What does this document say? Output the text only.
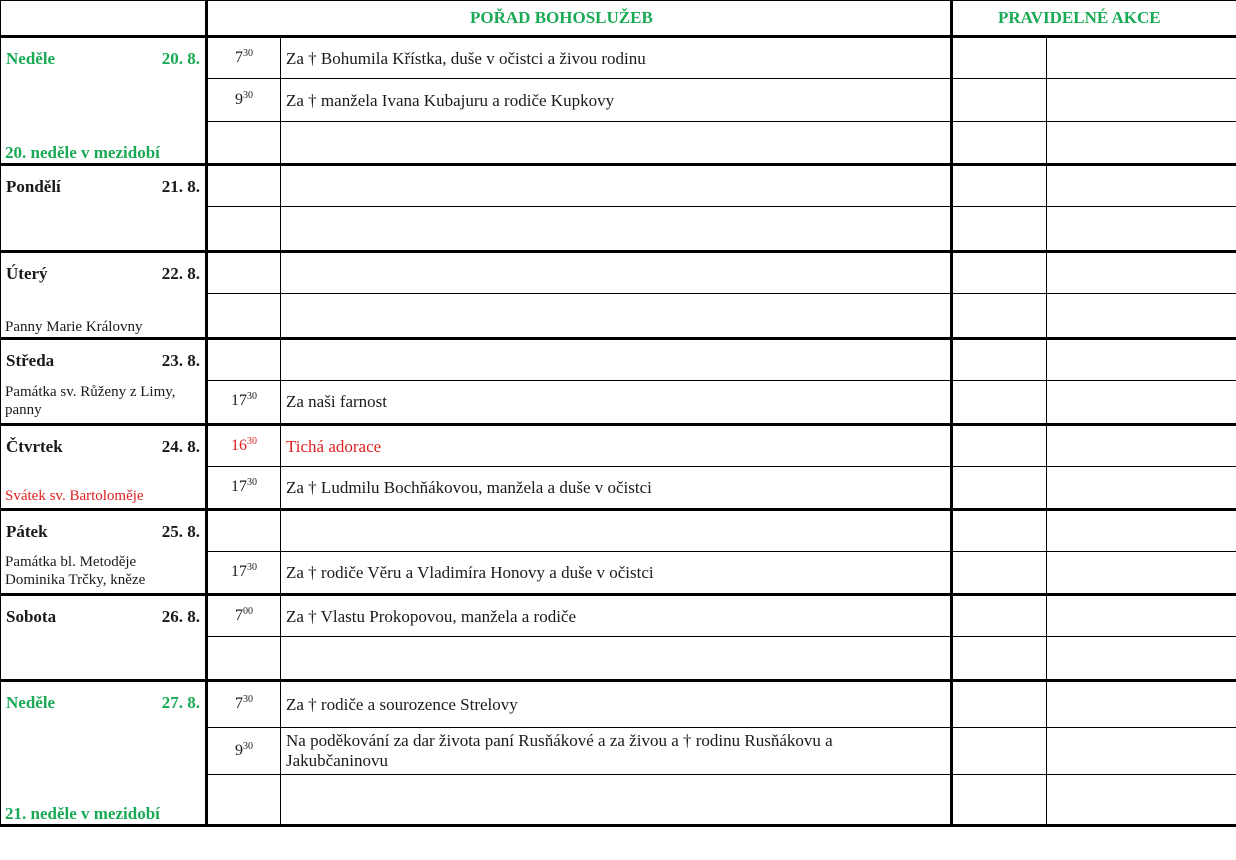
POŘAD BOHOSLUŽEB	PRAVIDELNÉ AKCE
Neděle	20. 8.
20. neděle v mezidobí
$7^{30}$	Za † Bohumila Křístka, duše v očistci a živou rodinu
$9^{30}$	Za † manžela Ivana Kubajuru a rodiče Kupkovy
Pondělí	21. 8.
Úterý	22. 8.
Panny Marie Královny
Středa	23. 8.
Památka sv. Růženy z Limy, panny
$17^{30}$	Za naši farnost
Čtvrtek	24. 8.
Svátek sv. Bartoloměje
$16^{30}$	Tichá adorace
$17^{30}$	Za † Ludmilu Bochňákovou, manžela a duše v očistci
Pátek	25. 8.
Památka bl. Metoděje Dominika Trčky, kněze
$17^{30}$	Za † rodiče Věru a Vladimíra Honovy a duše v očistci
Sobota	26. 8.	$7^{00}$	Za † Vlastu Prokopovou, manžela a rodiče
Neděle	27. 8.
21. neděle v mezidobí
$7^{30}$	Za † rodiče a sourozence Strelovy
$9^{30}$	Na poděkování za dar života paní Rusňákové a za živou a † rodinu Rusňákovu a Jakubčaninovu
